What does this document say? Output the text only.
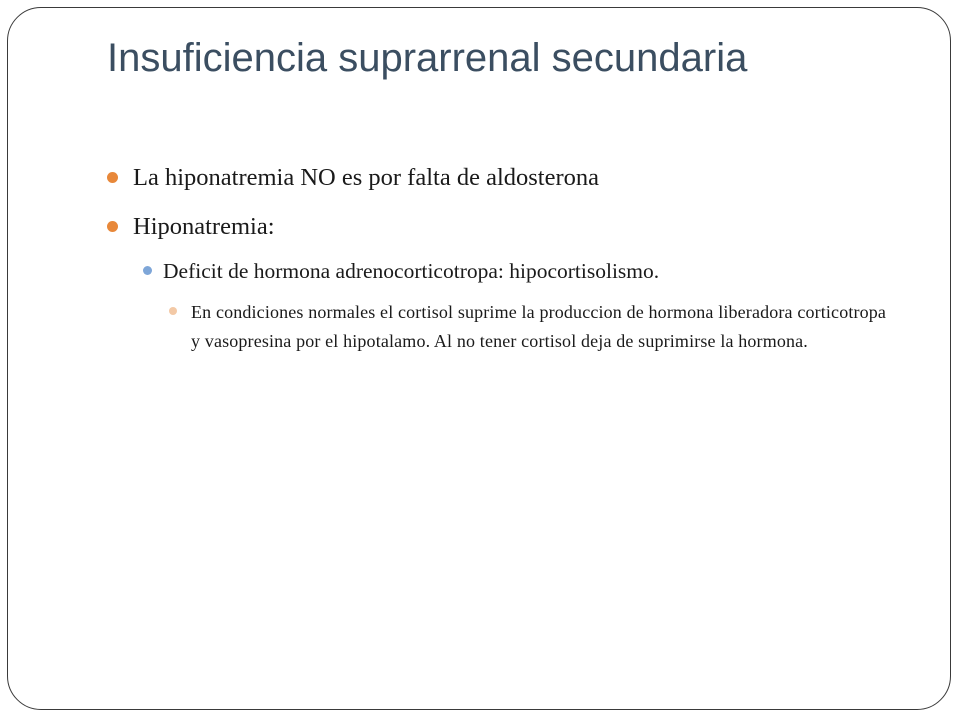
Insuficiencia suprarrenal secundaria
La hiponatremia NO es por falta de aldosterona
Hiponatremia:
Deficit de hormona adrenocorticotropa: hipocortisolismo.
En condiciones normales el cortisol suprime la produccion de hormona liberadora corticotropa y vasopresina por el hipotalamo. Al no tener cortisol deja de suprimirse la hormona.
